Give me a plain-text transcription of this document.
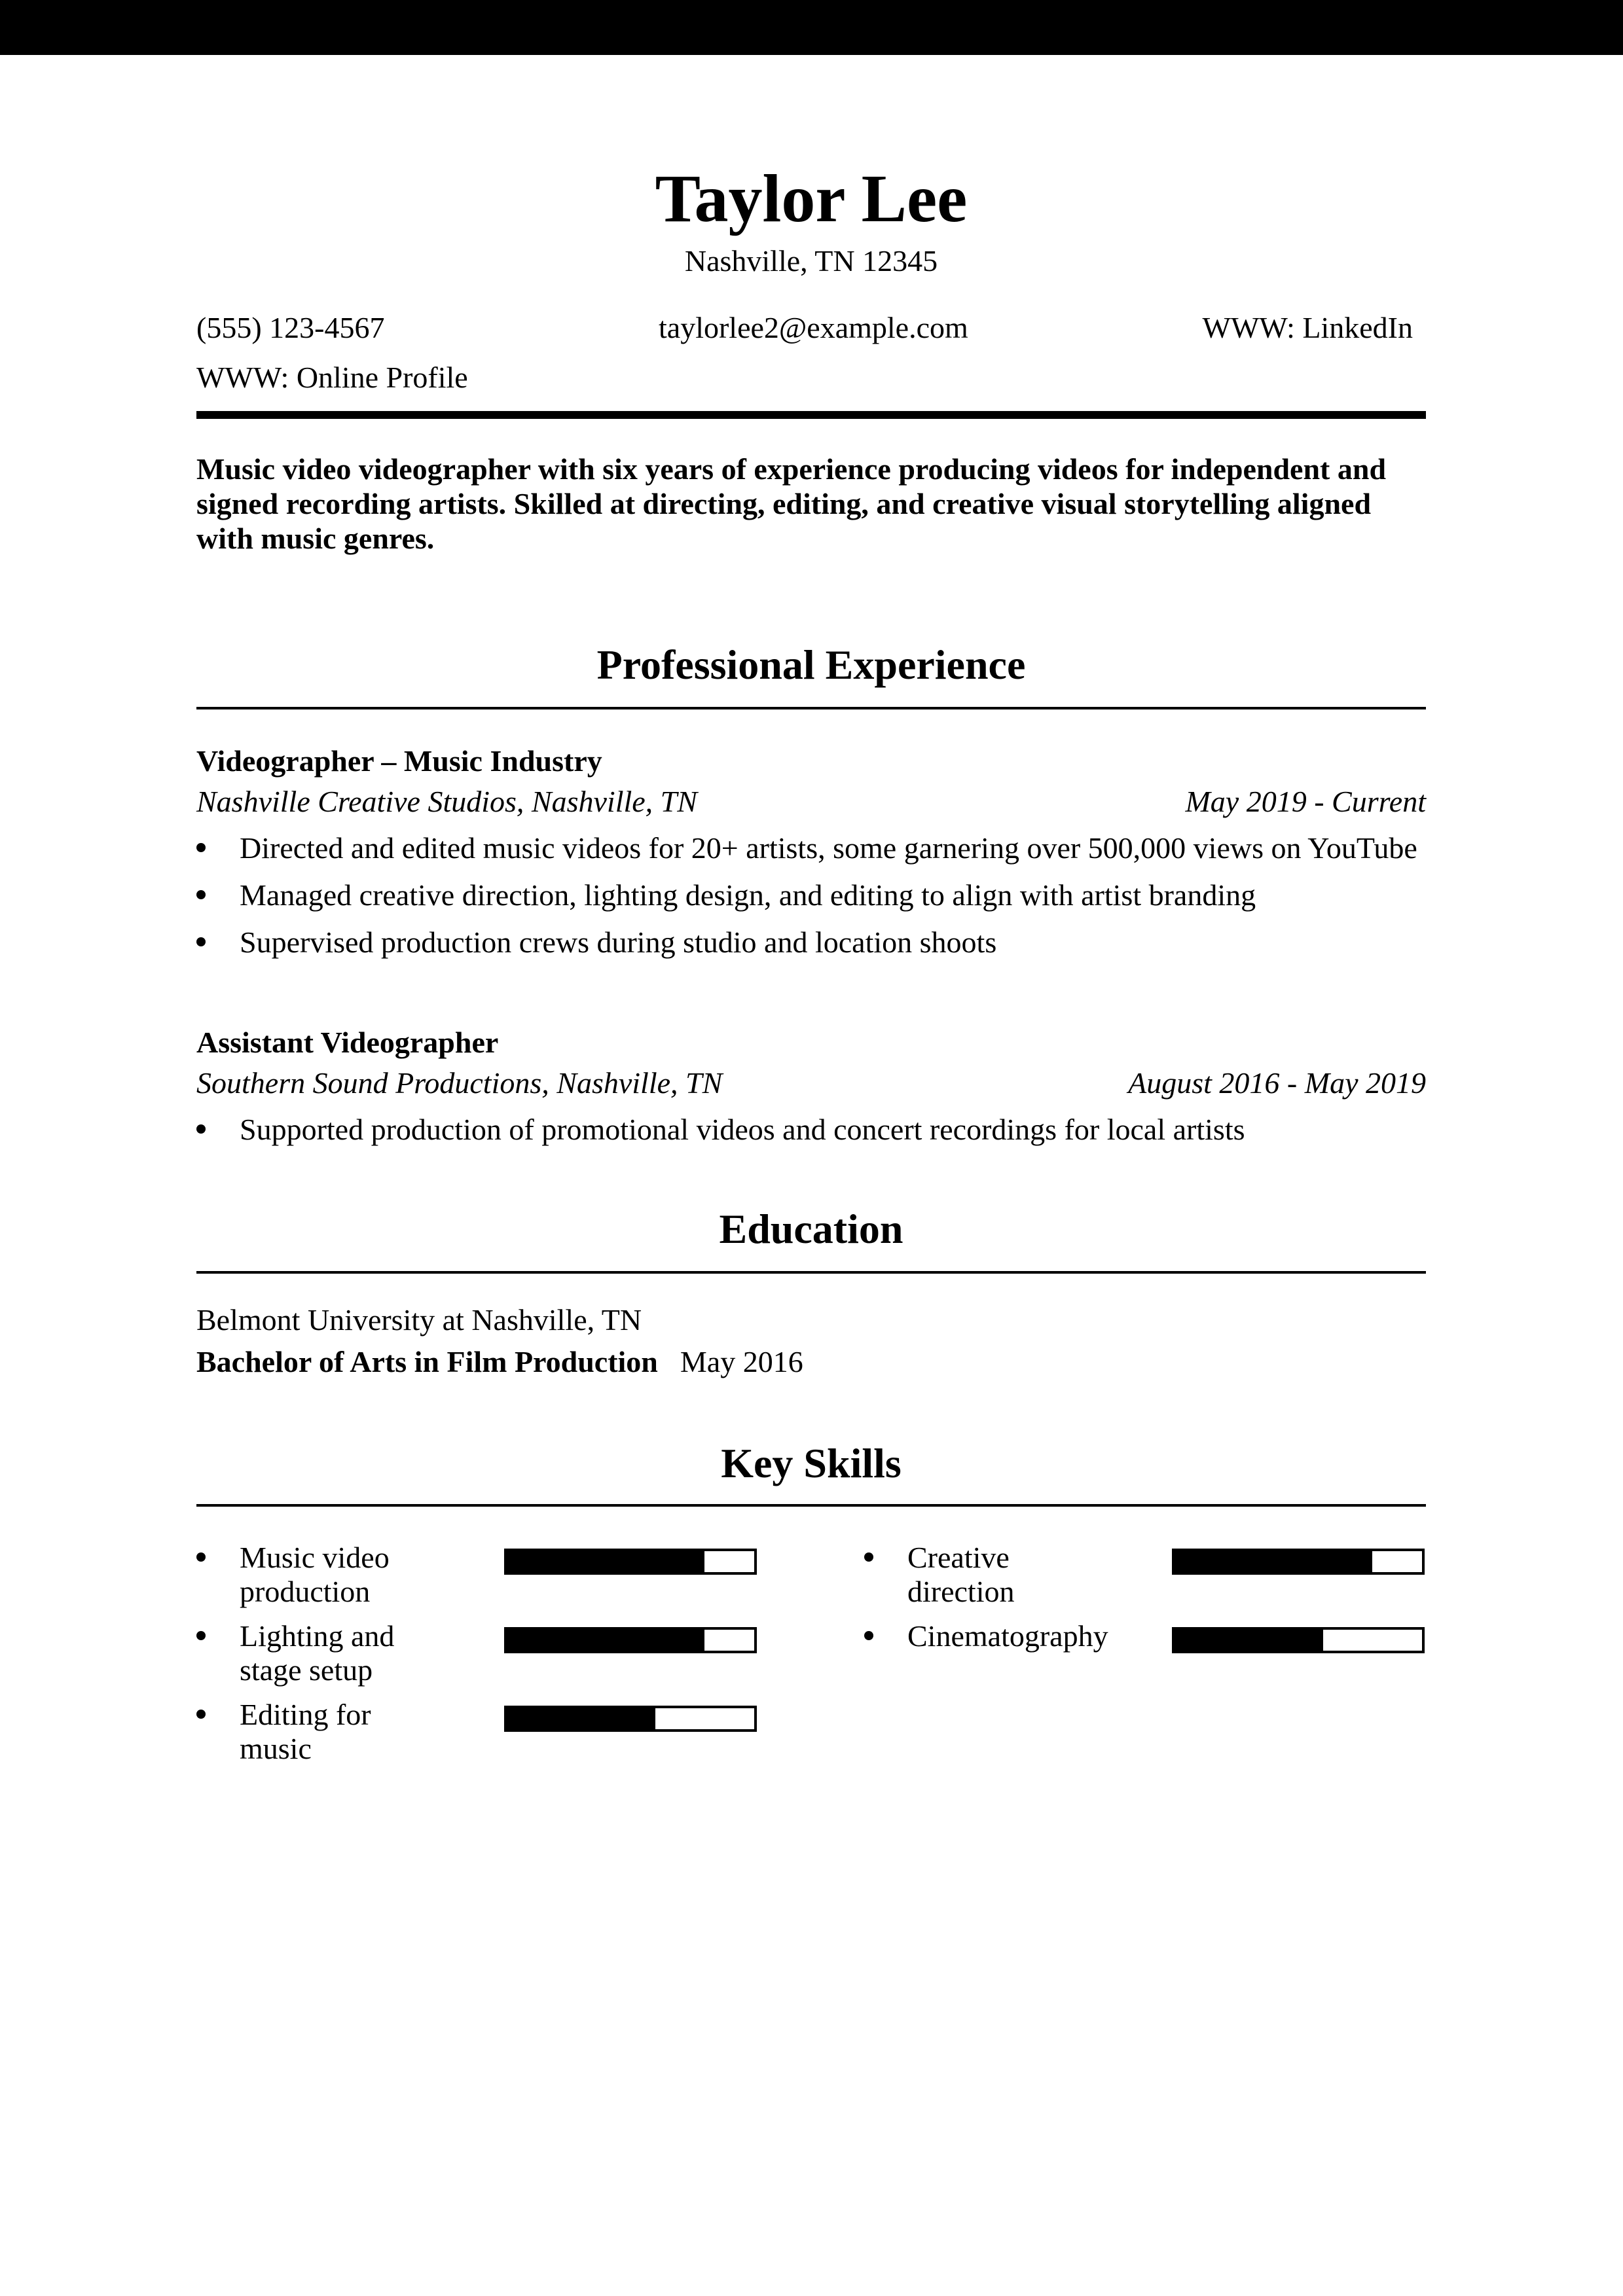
Taylor Lee
Nashville, TN 12345
(555) 123-4567	taylorlee2@example.com	WWW: LinkedIn
WWW: Online Profile
Music video videographer with six years of experience producing videos for independent and signed recording artists. Skilled at directing, editing, and creative visual storytelling aligned with music genres.
Professional Experience
Videographer – Music Industry
Nashville Creative Studios, Nashville, TN	May 2019 - Current
Directed and edited music videos for 20+ artists, some garnering over 500,000 views on YouTube
Managed creative direction, lighting design, and editing to align with artist branding
Supervised production crews during studio and location shoots
Assistant Videographer
Southern Sound Productions, Nashville, TN	August 2016 - May 2019
Supported production of promotional videos and concert recordings for local artists
Education
Belmont University at Nashville, TN
Bachelor of Arts in Film Production May 2016
Key Skills
Music video production
Lighting and stage setup
Editing for music
Creative direction
Cinematography
